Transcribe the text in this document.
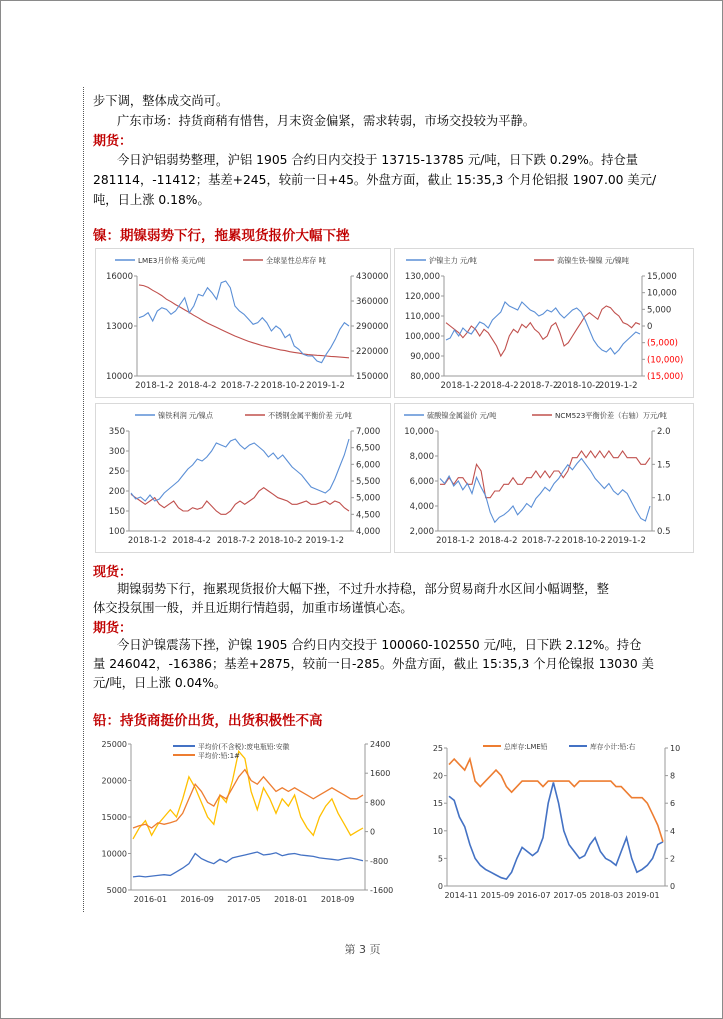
步下调，整体成交尚可。
广东市场：持货商稍有惜售，月末资金偏紧，需求转弱，市场交投较为平静。
期货：
今日沪铝弱势整理，沪铝 1905 合约日内交投于 13715-13785 元/吨，日下跌 0.29%。持仓量
281114，-11412；基差+245，较前一日+45。外盘方面，截止 15:35,3 个月伦铝报 1907.00 美元/
吨，日上涨 0.18%。
镍：期镍弱势下行，拖累现货报价大幅下挫
16000
13000
10000
430000
360000
290000
220000
150000
2018-1-2 2018-4-2 2018-7-2 2018-10-2 2019-1-2
LME3月价格 美元/吨	全球显性总库存 吨
130,000
120,000
110,000
100,000
90,000
80,000
15,000
10,000
5,000
0
(5,000)
(10,000)
(15,000)
2018-1-2 2018-4-2 2018-7-2
2018-10-2
2019-1-2
沪镍主力 元/吨	高镍生铁-镍镍 元/镍吨
350
300
250
200
150
100
7,000
6,500
6,000
5,500
5,000
4,500
4,000
2018-1-2 2018-4-2 2018-7-2 2018-10-2 2019-1-2
镍铁利润 元/镍点	不锈钢金属平衡价差 元/吨
10,000
8,000
6,000
4,000
2,000
2.0
1.5
1.0
0.5
2018-1-2 2018-4-2 2018-7-2 2018-10-2 2019-1-2
硫酸镍金属溢价 元/吨	NCM523平衡价差（右轴）万元/吨
现货：
期镍弱势下行，拖累现货报价大幅下挫，不过升水持稳，部分贸易商升水区间小幅调整，整
体交投氛围一般，并且近期行情趋弱，加重市场谨慎心态。
期货：
今日沪镍震荡下挫，沪镍 1905 合约日内交投于 100060-102550 元/吨，日下跌 2.12%。持仓
量 246042，-16386；基差+2875，较前一日-285。外盘方面，截止 15:35,3 个月伦镍报 13030 美
元/吨，日上涨 0.04%。
铅：持货商挺价出货，出货积极性不高
25000
20000
15000
10000
5000
2400
1600
800
0
-800
-1600
2016-01 2016-09 2017-05 2018-01 2018-09
平均价(不含税):废电瓶铅:安徽
平均价:铅:1#
25
20
15
10
5
0
10
8
6
4
2
0
2014-11 2015-09 2016-07 2017-05 2018-03 2019-01
总库存:LME铅	库存小计:铅:右
第 3 页
